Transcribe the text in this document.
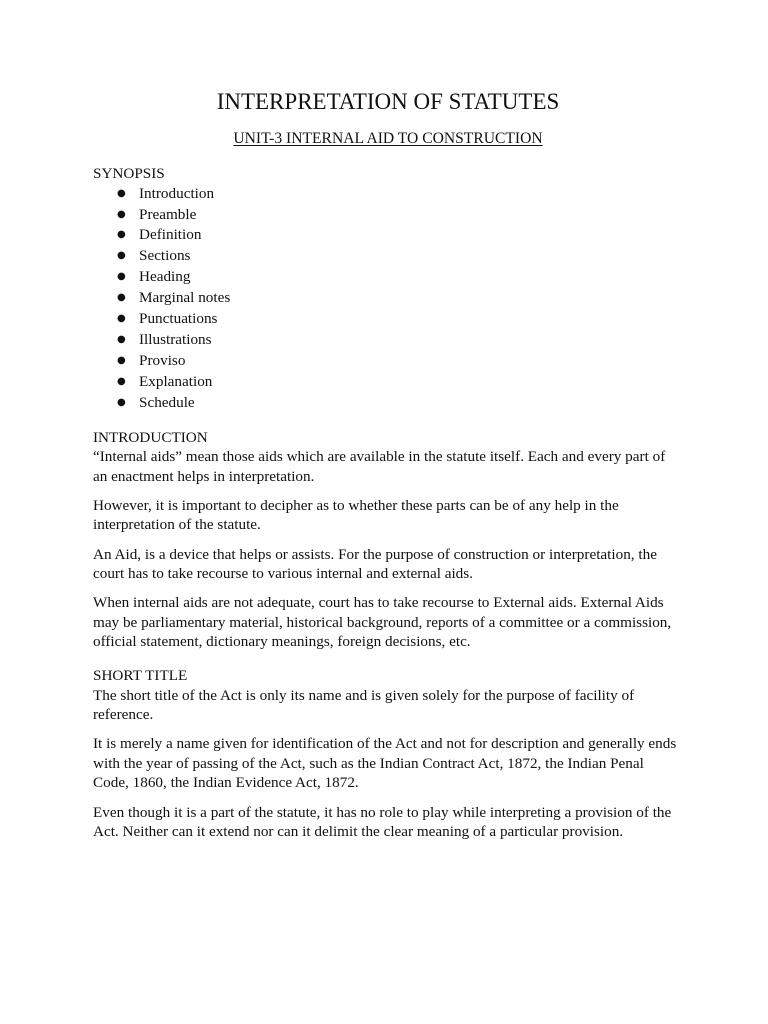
INTERPRETATION OF STATUTES
UNIT-3 INTERNAL AID TO CONSTRUCTION
SYNOPSIS
● Introduction
● Preamble
● Definition
● Sections
● Heading
● Marginal notes
● Punctuations
● Illustrations
● Proviso
● Explanation
● Schedule
INTRODUCTION

“Internal aids” mean those aids which are available in the statute itself. Each and every part of an enactment helps in interpretation.

However, it is important to decipher as to whether these parts can be of any help in the interpretation of the statute.

An Aid, is a device that helps or assists. For the purpose of construction or interpretation, the court has to take recourse to various internal and external aids.

When internal aids are not adequate, court has to take recourse to External aids. External Aids may be parliamentary material, historical background, reports of a committee or a commission, official statement, dictionary meanings, foreign decisions, etc.

SHORT TITLE

The short title of the Act is only its name and is given solely for the purpose of facility of reference.

It is merely a name given for identification of the Act and not for description and generally ends with the year of passing of the Act, such as the Indian Contract Act, 1872, the Indian Penal Code, 1860, the Indian Evidence Act, 1872.

Even though it is a part of the statute, it has no role to play while interpreting a provision of the Act. Neither can it extend nor can it delimit the clear meaning of a particular provision.
